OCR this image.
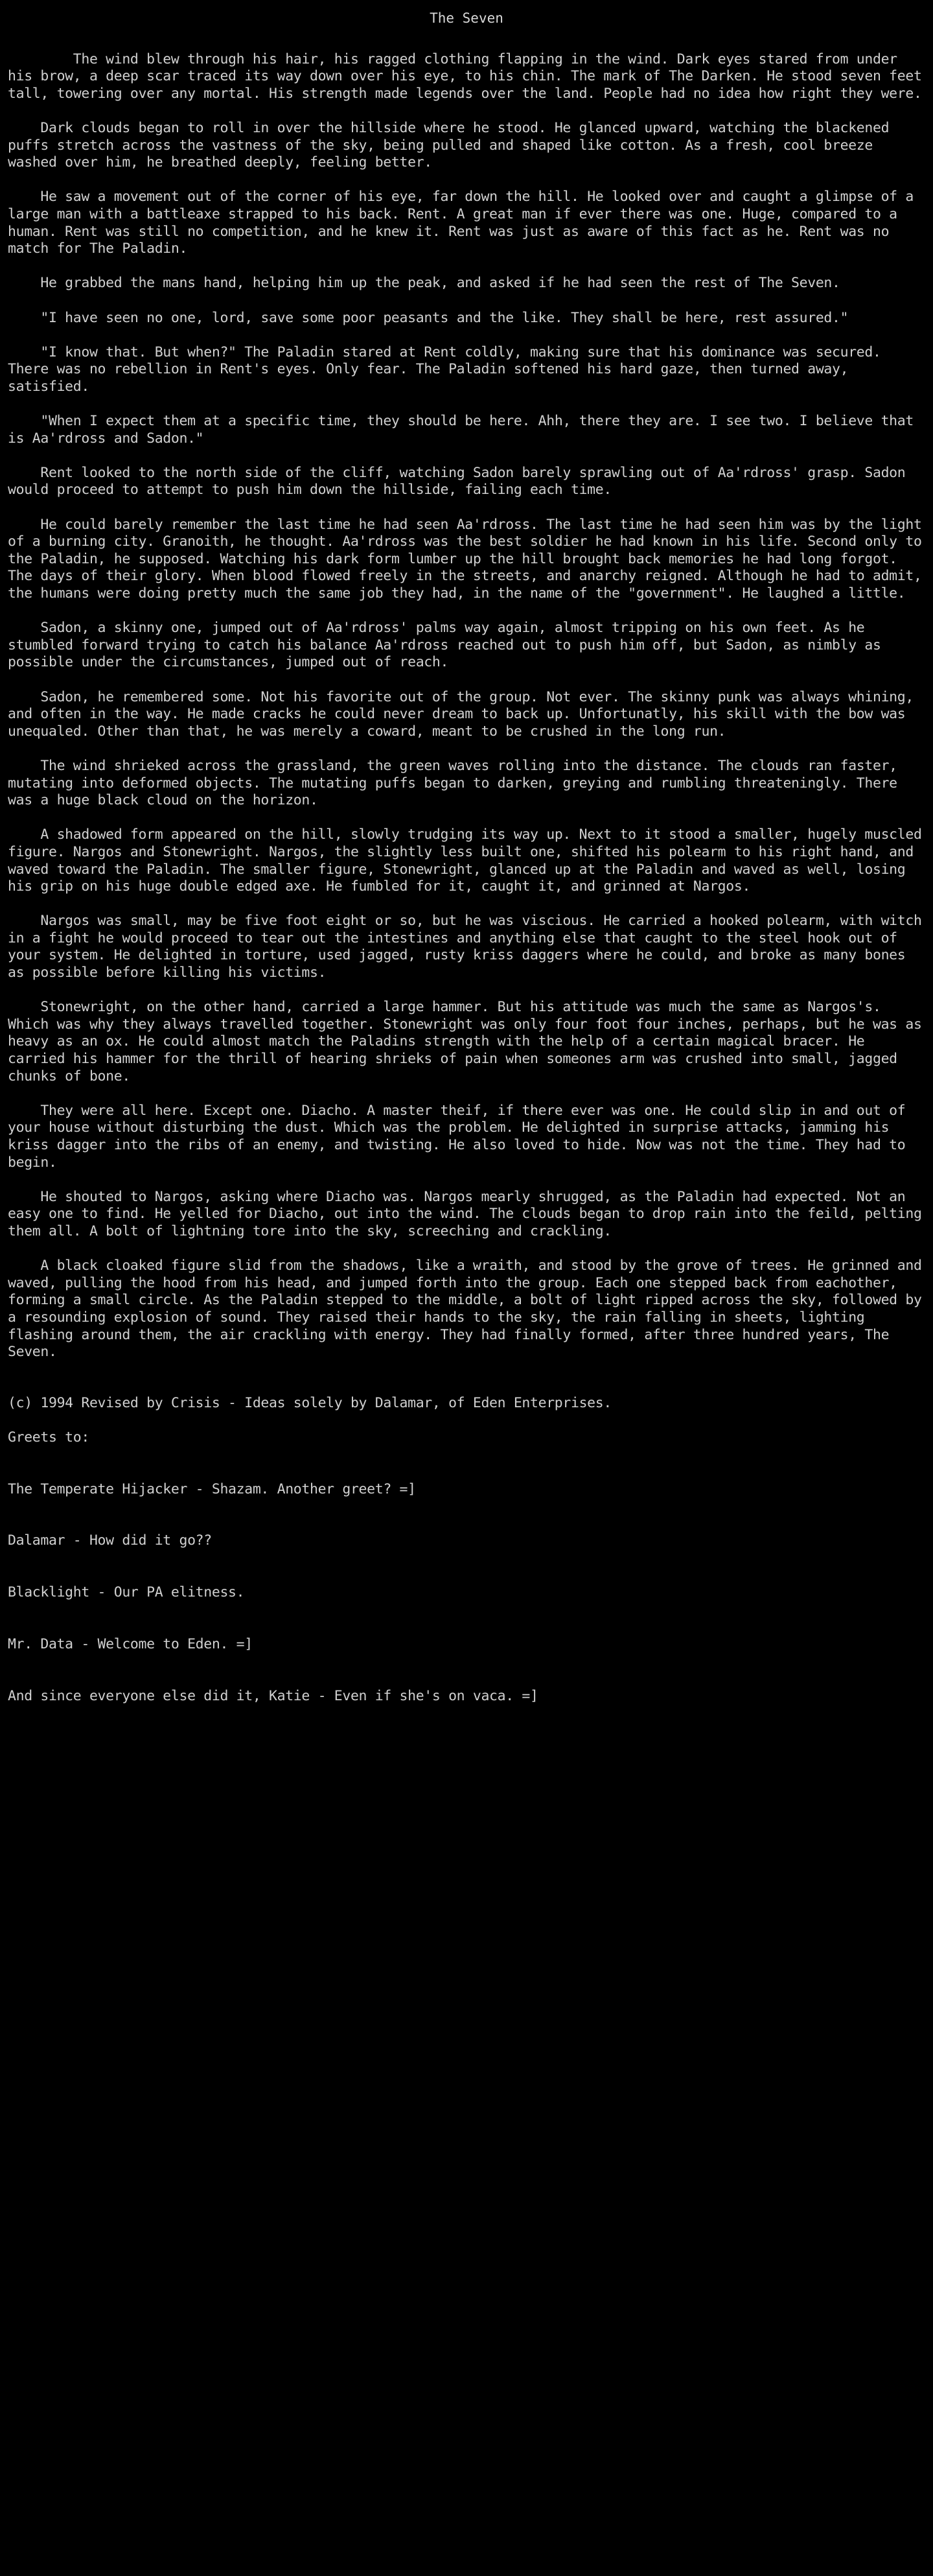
The Seven

The wind blew through his hair, his ragged clothing flapping in the wind. Dark eyes stared from under his brow, a deep scar traced its way down over his eye, to his chin. The mark of The Darken. He stood seven feet tall, towering over any mortal. His strength made legends over the land. People had no idea how right they were.

Dark clouds began to roll in over the hillside where he stood. He glanced upward, watching the blackened puffs stretch across the vastness of the sky, being pulled and shaped like cotton. As a fresh, cool breeze washed over him, he breathed deeply, feeling better.

He saw a movement out of the corner of his eye, far down the hill. He looked over and caught a glimpse of a large man with a battleaxe strapped to his back. Rent. A great man if ever there was one. Huge, compared to a human. Rent was still no competition, and he knew it. Rent was just as aware of this fact as he. Rent was no match for The Paladin.

He grabbed the mans hand, helping him up the peak, and asked if he had seen the rest of The Seven.

"I have seen no one, lord, save some poor peasants and the like. They shall be here, rest assured."

"I know that. But when?" The Paladin stared at Rent coldly, making sure that his dominance was secured. There was no rebellion in Rent's eyes. Only fear. The Paladin softened his hard gaze, then turned away, satisfied.

"When I expect them at a specific time, they should be here. Ahh, there they are. I see two. I believe that is Aa'rdross and Sadon."

Rent looked to the north side of the cliff, watching Sadon barely sprawling out of Aa'rdross' grasp. Sadon would proceed to attempt to push him down the hillside, failing each time.

He could barely remember the last time he had seen Aa'rdross. The last time he had seen him was by the light of a burning city. Granoith, he thought. Aa'rdross was the best soldier he had known in his life. Second only to the Paladin, he supposed. Watching his dark form lumber up the hill brought back memories he had long forgot. The days of their glory. When blood flowed freely in the streets, and anarchy reigned. Although he had to admit, the humans were doing pretty much the same job they had, in the name of the "government". He laughed a little.

Sadon, a skinny one, jumped out of Aa'rdross' palms way again, almost tripping on his own feet. As he stumbled forward trying to catch his balance Aa'rdross reached out to push him off, but Sadon, as nimbly as possible under the circumstances, jumped out of reach.

Sadon, he remembered some. Not his favorite out of the group. Not ever. The skinny punk was always whining, and often in the way. He made cracks he could never dream to back up. Unfortunatly, his skill with the bow was unequaled. Other than that, he was merely a coward, meant to be crushed in the long run.

The wind shrieked across the grassland, the green waves rolling into the distance. The clouds ran faster, mutating into deformed objects. The mutating puffs began to darken, greying and rumbling threateningly. There was a huge black cloud on the horizon.

A shadowed form appeared on the hill, slowly trudging its way up. Next to it stood a smaller, hugely muscled figure. Nargos and Stonewright. Nargos, the slightly less built one, shifted his polearm to his right hand, and waved toward the Paladin. The smaller figure, Stonewright, glanced up at the Paladin and waved as well, losing his grip on his huge double edged axe. He fumbled for it, caught it, and grinned at Nargos.

Nargos was small, may be five foot eight or so, but he was viscious. He carried a hooked polearm, with witch in a fight he would proceed to tear out the intestines and anything else that caught to the steel hook out of your system. He delighted in torture, used jagged, rusty kriss daggers where he could, and broke as many bones as possible before killing his victims.

Stonewright, on the other hand, carried a large hammer. But his attitude was much the same as Nargos's. Which was why they always travelled together. Stonewright was only four foot four inches, perhaps, but he was as heavy as an ox. He could almost match the Paladins strength with the help of a certain magical bracer. He carried his hammer for the thrill of hearing shrieks of pain when someones arm was crushed into small, jagged chunks of bone.

They were all here. Except one. Diacho. A master theif, if there ever was one. He could slip in and out of your house without disturbing the dust. Which was the problem. He delighted in surprise attacks, jamming his kriss dagger into the ribs of an enemy, and twisting. He also loved to hide. Now was not the time. They had to begin.

He shouted to Nargos, asking where Diacho was. Nargos mearly shrugged, as the Paladin had expected. Not an easy one to find. He yelled for Diacho, out into the wind. The clouds began to drop rain into the feild, pelting them all. A bolt of lightning tore into the sky, screeching and crackling.

A black cloaked figure slid from the shadows, like a wraith, and stood by the grove of trees. He grinned and waved, pulling the hood from his head, and jumped forth into the group. Each one stepped back from eachother, forming a small circle. As the Paladin stepped to the middle, a bolt of light ripped across the sky, followed by a resounding explosion of sound. They raised their hands to the sky, the rain falling in sheets, lighting flashing around them, the air crackling with energy. They had finally formed, after three hundred years, The Seven.

(c) 1994 Revised by Crisis - Ideas solely by Dalamar, of Eden Enterprises.
Greets to:

The Temperate Hijacker - Shazam. Another greet? =]

Dalamar - How did it go??

Blacklight - Our PA elitness.

Mr. Data - Welcome to Eden. =]

And since everyone else did it, Katie - Even if she's on vaca. =]
